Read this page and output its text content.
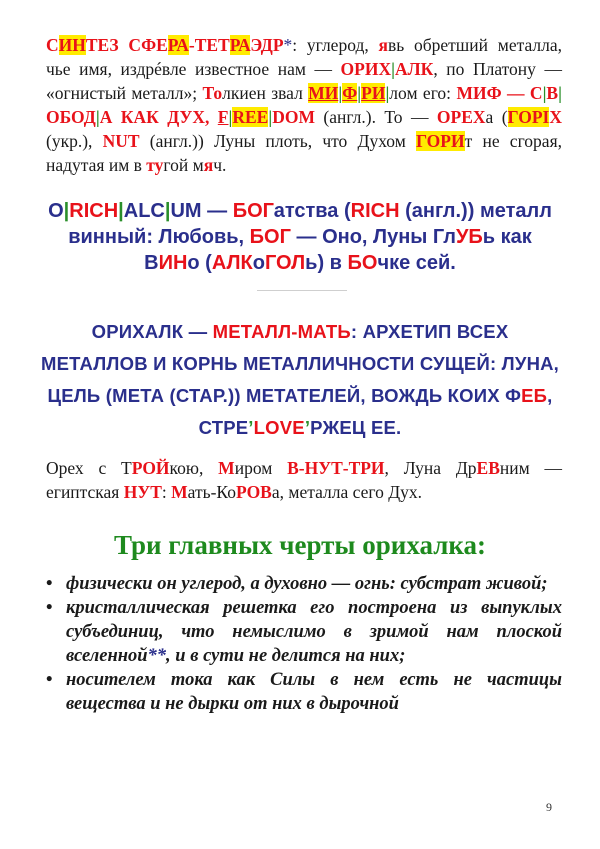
СИНТЕЗ СФЕРА-ТЕТРАЭДР*: углерод, явь обретший металла, чье имя, издрéвле известное нам — ОРИХ|АЛК, по Платону — «огнистый металл»; Толкиен звал МИ|Ф|РИ|лом его: МИФ — С|В|ОБОД|А КАК ДУХ, F|REE|DOM (англ.). То — ОРЕХа (ГОРІХ (укр.), NUT (англ.)) Луны плоть, что Духом ГОРИт не сгорая, надутая им в тугой мяч.
О|RICH|ALC|UM — БОГатства (RICH (англ.)) металл винный: Любовь, БОГ — Оно, Луны ГлУБь как ВИНо (АЛКоГОЛь) в БОчке сей.
ОРИХАЛК — МЕТАЛЛ-МАТЬ: АРХЕТИП ВСЕХ МЕТАЛЛОВ И КОРНЬ МЕТАЛЛИЧНОСТИ СУЩЕЙ: ЛУНА, ЦЕЛЬ (МЕТА (СТАР.)) МЕТАТЕЛЕЙ, ВОЖДЬ КОИХ ФЕБ, СТРЕ’LOVE’РЖЕЦ ЕЕ.
Орех с ТРОЙкою, Миром В-НУТ-ТРИ, Луна ДрЕВним — египтская НУТ: Мать-КоРОВа, металла сего Дух.
Три главных черты орихалка:
• физически он углерод, а духовно — огнь: субстрат живой;
• кристаллическая решетка его построена из выпуклых субъединиц, что немыслимо в зримой нам плоской вселенной**, и в сути не делится на них;
• носителем тока как Силы в нем есть не частицы вещества и не дырки от них в дырочной
9
